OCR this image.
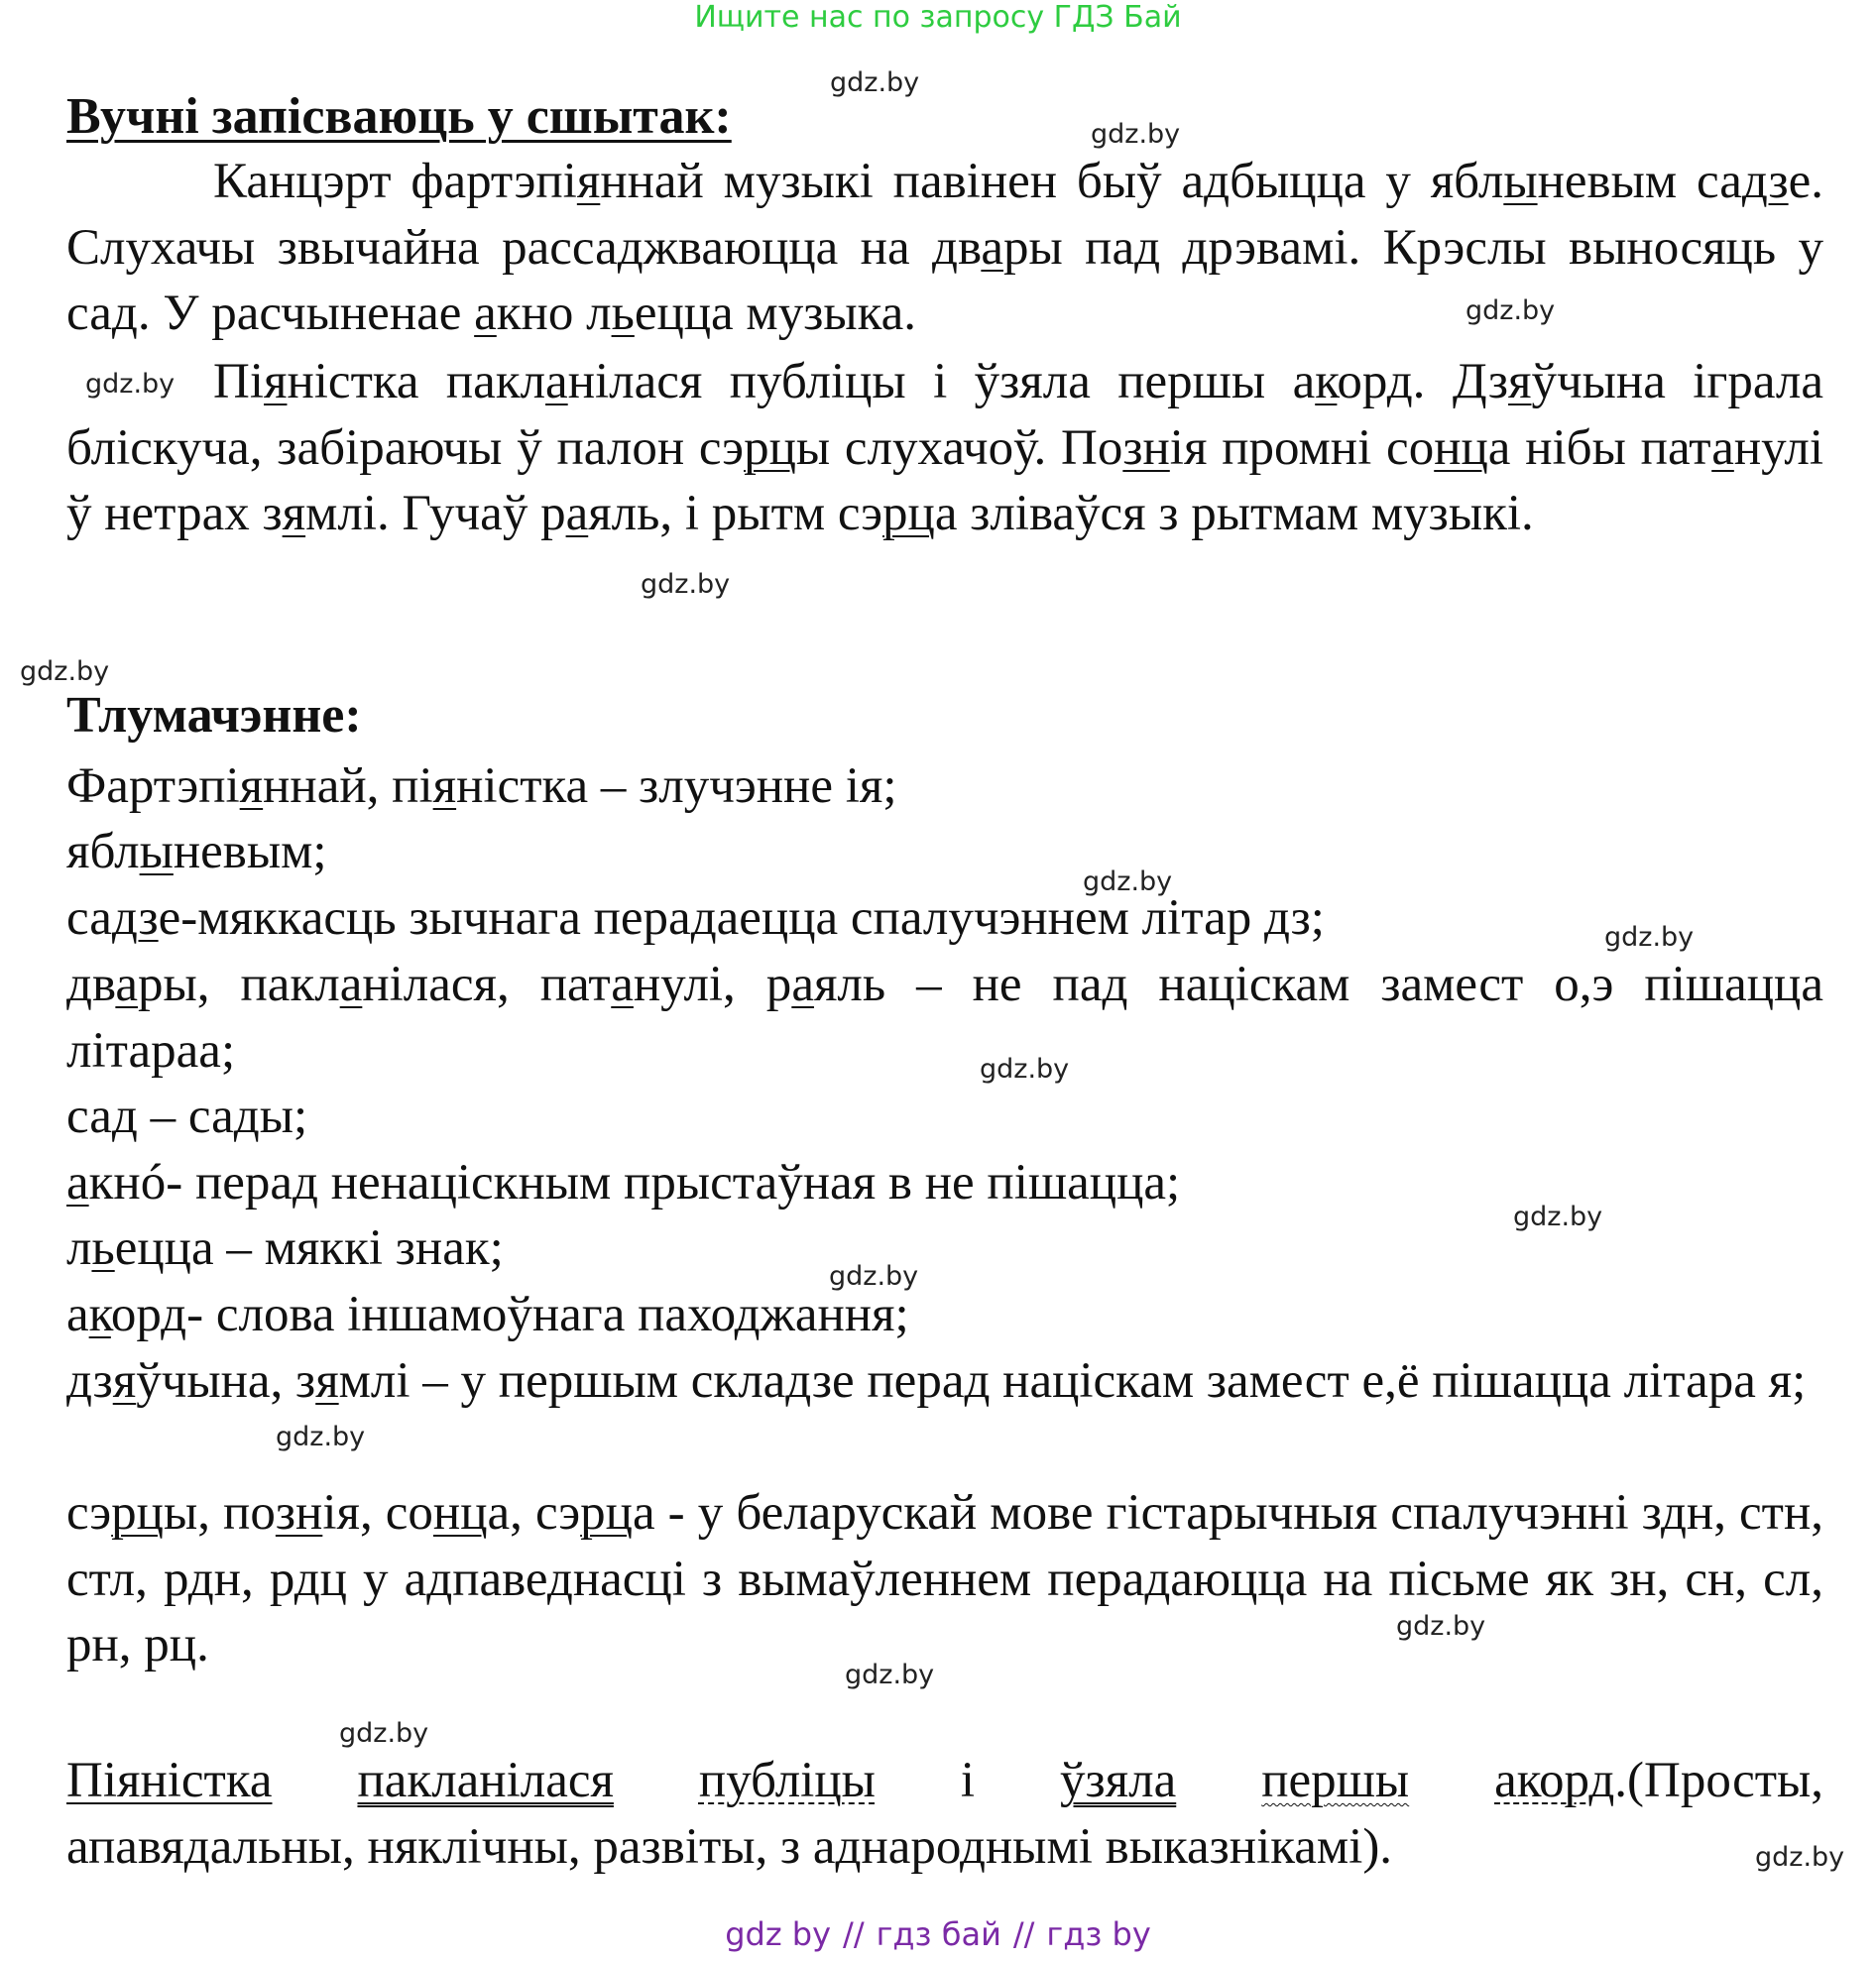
Ищите нас по запросу ГДЗ Бай
gdz.by
gdz.by
gdz.by
gdz.by
gdz.by
gdz.by
gdz.by
gdz.by
gdz.by
gdz.by
gdz.by
gdz.by
gdz.by
gdz.by
gdz.by
gdz.by
Вучні запісваюць у сшытак:
Канцэрт фартэпіяннай музыкі павінен быў адбыцца у яблыневым садзе. Слухачы звычайна рассаджваюцца на двары пад дрэвамі. Крэслы выносяць у сад. У расчыненае акно льецца музыка.
Піяністка пакланілася публіцы і ўзяла першы акорд. Дзяўчына іграла блiскуча, забіраючы ў палон сэрцы слухачоў. Познія промні сонца нібы патанулі ў нетрах зямлі. Гучаў раяль, і рытм сэрца зліваўся з рытмам музыкі.
Тлумачэнне:
Фартэпіяннай, піяністка – злучэнне ія;
яблыневым;
садзе-мяккасць зычнага перадаецца спалучэннем літар дз;
двары, пакланілася, патанулі, раяль – не пад націскам замест о,э пішацца літараа;
сад – сады;
акнó- перад ненаціскным прыстаўная в не пішацца;
льецца – мяккі знак;
акорд- слова іншамоўнага паходжання;
дзяўчына, зямлі – у першым складзе перад націскам замест е,ё пішацца літара я;
сэрцы, познія, сонца, сэрца - у беларускай мове гістарычныя спалучэнні здн, стн, стл, рдн, рдц у адпаведнасці з вымаўленнем перадаюцца на пісьме як зн, сн, сл, рн, рц.
Піяністка пакланілася публіцы і ўзяла першы акорд.(Просты, апавядальны, няклічны, развіты, з аднароднымі выказнікамі).
gdz by // гдз бай // гдз by
